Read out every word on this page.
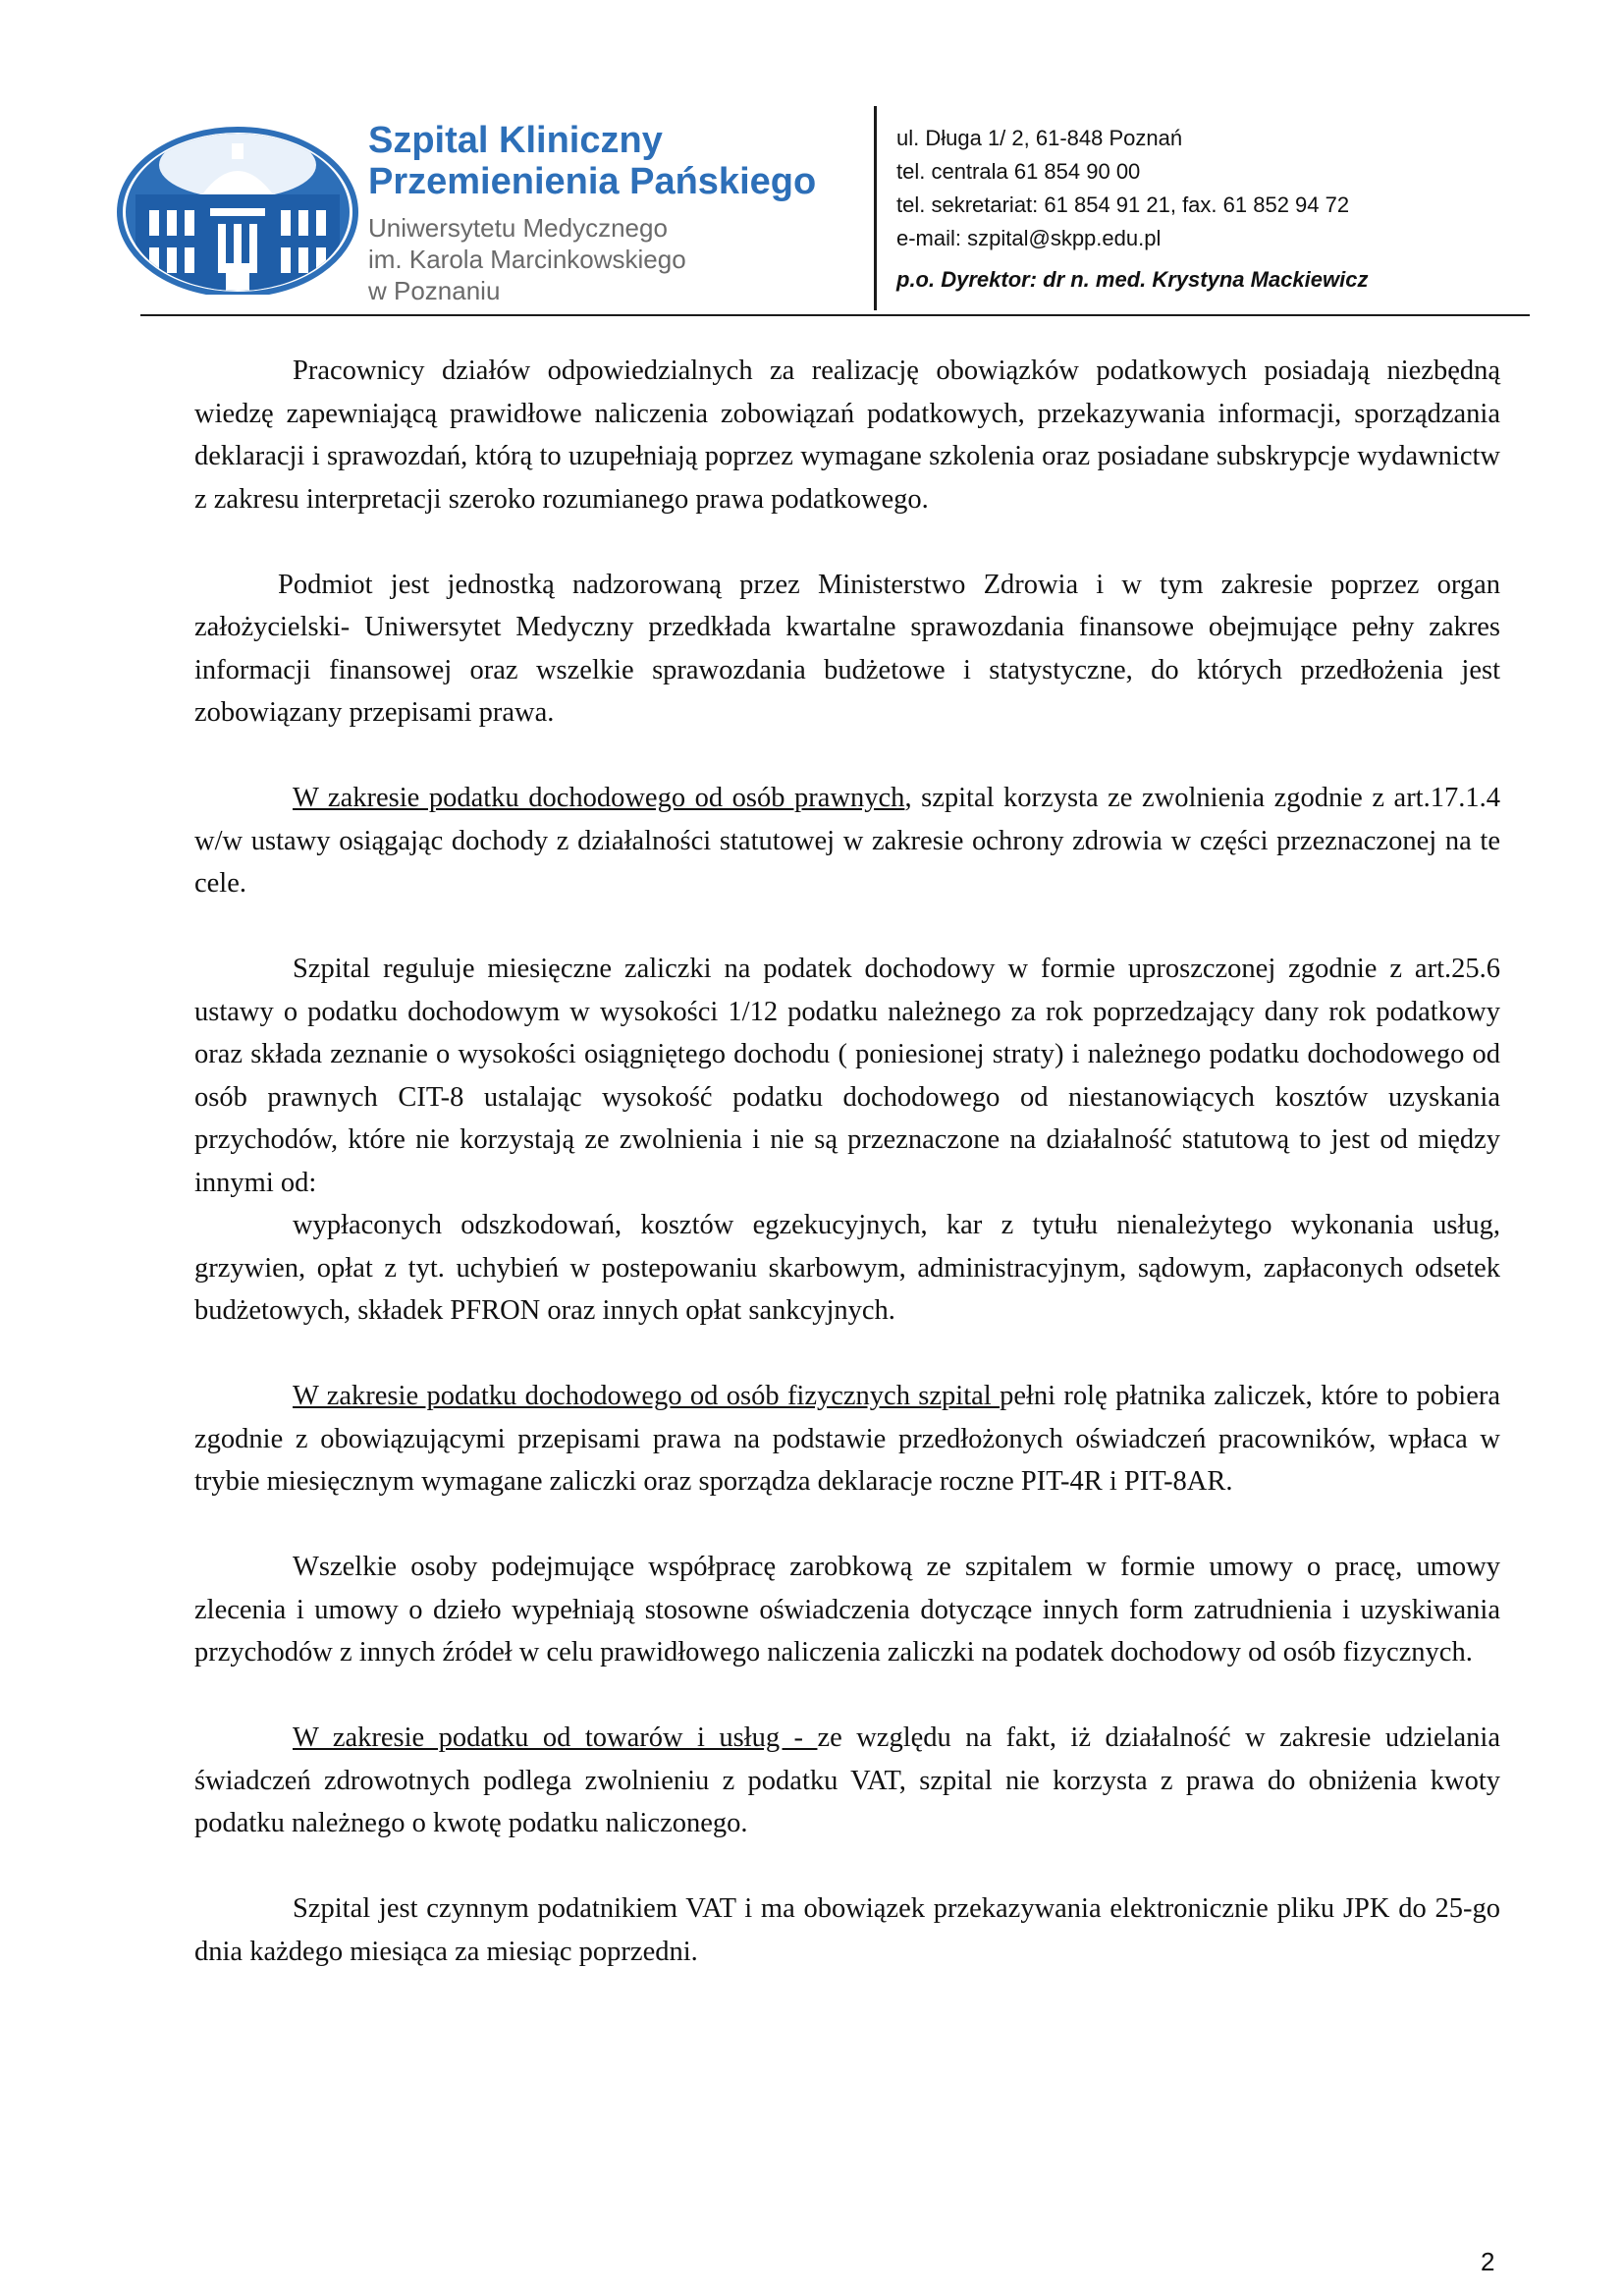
Szpital Kliniczny

Przemienienia Pańskiego

Uniwersytetu Medycznego

im. Karola Marcinkowskiego

w Poznaniu

ul. Długa 1/ 2, 61-848 Poznań
tel. centrala 61 854 90 00
tel. sekretariat: 61 854 91 21, fax. 61 852 94 72
e-mail: szpital@skpp.edu.pl
p.o. Dyrektor: dr n. med. Krystyna Mackiewicz

Pracownicy działów odpowiedzialnych za realizację obowiązków podatkowych posiadają niezbędną wiedzę zapewniającą prawidłowe naliczenia zobowiązań podatkowych, przekazywania informacji, sporządzania deklaracji i sprawozdań, którą to uzupełniają poprzez wymagane szkolenia oraz posiadane subskrypcje wydawnictw z zakresu interpretacji szeroko rozumianego prawa podatkowego.

Podmiot jest jednostką nadzorowaną przez Ministerstwo Zdrowia i w tym zakresie poprzez organ założycielski- Uniwersytet Medyczny przedkłada kwartalne sprawozdania finansowe obejmujące pełny zakres informacji finansowej oraz wszelkie sprawozdania budżetowe i statystyczne, do których przedłożenia jest zobowiązany przepisami prawa.

W zakresie podatku dochodowego od osób prawnych, szpital korzysta ze zwolnienia zgodnie z art.17.1.4 w/w ustawy osiągając dochody z działalności statutowej w zakresie ochrony zdrowia w części przeznaczonej na te cele.

Szpital reguluje miesięczne zaliczki na podatek dochodowy w formie uproszczonej zgodnie z art.25.6 ustawy o podatku dochodowym w wysokości 1/12 podatku należnego za rok poprzedzający dany rok podatkowy oraz składa zeznanie o wysokości osiągniętego dochodu ( poniesionej straty) i należnego podatku dochodowego od osób prawnych CIT-8 ustalając wysokość podatku dochodowego od niestanowiących kosztów uzyskania przychodów, które nie korzystają ze zwolnienia i nie są przeznaczone na działalność statutową to jest od między innymi od:

wypłaconych odszkodowań, kosztów egzekucyjnych, kar z tytułu nienależytego wykonania usług, grzywien, opłat z tyt. uchybień w postepowaniu skarbowym, administracyjnym, sądowym, zapłaconych odsetek budżetowych, składek PFRON oraz innych opłat sankcyjnych.

W zakresie podatku dochodowego od osób fizycznych szpital pełni rolę płatnika zaliczek, które to pobiera zgodnie z obowiązującymi przepisami prawa na podstawie przedłożonych oświadczeń pracowników, wpłaca w trybie miesięcznym wymagane zaliczki oraz sporządza deklaracje roczne PIT-4R i PIT-8AR.

Wszelkie osoby podejmujące współpracę zarobkową ze szpitalem w formie umowy o pracę, umowy zlecenia i umowy o dzieło wypełniają stosowne oświadczenia dotyczące innych form zatrudnienia i uzyskiwania przychodów z innych źródeł w celu prawidłowego naliczenia zaliczki na podatek dochodowy od osób fizycznych.

W zakresie podatku od towarów i usług - ze względu na fakt, iż działalność w zakresie udzielania świadczeń zdrowotnych podlega zwolnieniu z podatku VAT, szpital nie korzysta z prawa do obniżenia kwoty podatku należnego o kwotę podatku naliczonego.

Szpital jest czynnym podatnikiem VAT i ma obowiązek przekazywania elektronicznie pliku JPK do 25-go dnia każdego miesiąca za miesiąc poprzedni.

2
